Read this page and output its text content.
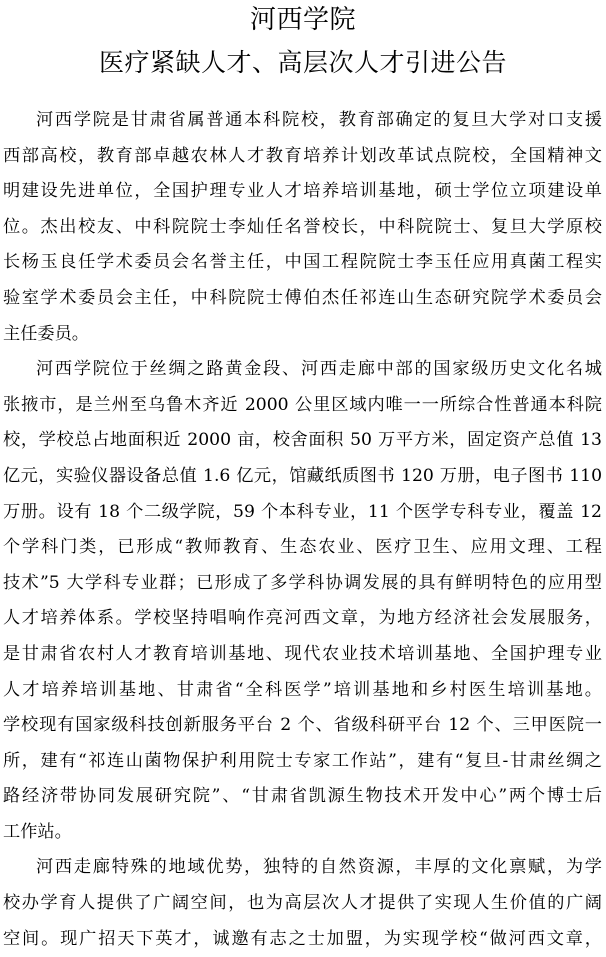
河西学院
医疗紧缺人才、高层次人才引进公告
河西学院是甘肃省属普通本科院校，教育部确定的复旦大学对口支援
西部高校，教育部卓越农林人才教育培养计划改革试点院校，全国精神文
明建设先进单位，全国护理专业人才培养培训基地，硕士学位立项建设单
位。杰出校友、中科院院士李灿任名誉校长，中科院院士、复旦大学原校
长杨玉良任学术委员会名誉主任，中国工程院院士李玉任应用真菌工程实
验室学术委员会主任，中科院院士傅伯杰任祁连山生态研究院学术委员会
主任委员。
河西学院位于丝绸之路黄金段、河西走廊中部的国家级历史文化名城
张掖市，是兰州至乌鲁木齐近 2000 公里区域内唯一一所综合性普通本科院
校，学校总占地面积近 2000 亩，校舍面积 50 万平方米，固定资产总值 13
亿元，实验仪器设备总值 1.6 亿元，馆藏纸质图书 120 万册，电子图书 110
万册。设有 18 个二级学院，59 个本科专业，11 个医学专科专业，覆盖 12
个学科门类，已形成“教师教育、生态农业、医疗卫生、应用文理、工程
技术”5 大学科专业群；已形成了多学科协调发展的具有鲜明特色的应用型
人才培养体系。学校坚持唱响作亮河西文章，为地方经济社会发展服务，
是甘肃省农村人才教育培训基地、现代农业技术培训基地、全国护理专业
人才培养培训基地、甘肃省“全科医学”培训基地和乡村医生培训基地。
学校现有国家级科技创新服务平台 2 个、省级科研平台 12 个、三甲医院一
所，建有“祁连山菌物保护利用院士专家工作站”，建有“复旦-甘肃丝绸之
路经济带协同发展研究院”、“甘肃省凯源生物技术开发中心”两个博士后
工作站。
河西走廊特殊的地域优势，独特的自然资源，丰厚的文化禀赋，为学
校办学育人提供了广阔空间，也为高层次人才提供了实现人生价值的广阔
空间。现广招天下英才，诚邀有志之士加盟，为实现学校“做河西文章，
